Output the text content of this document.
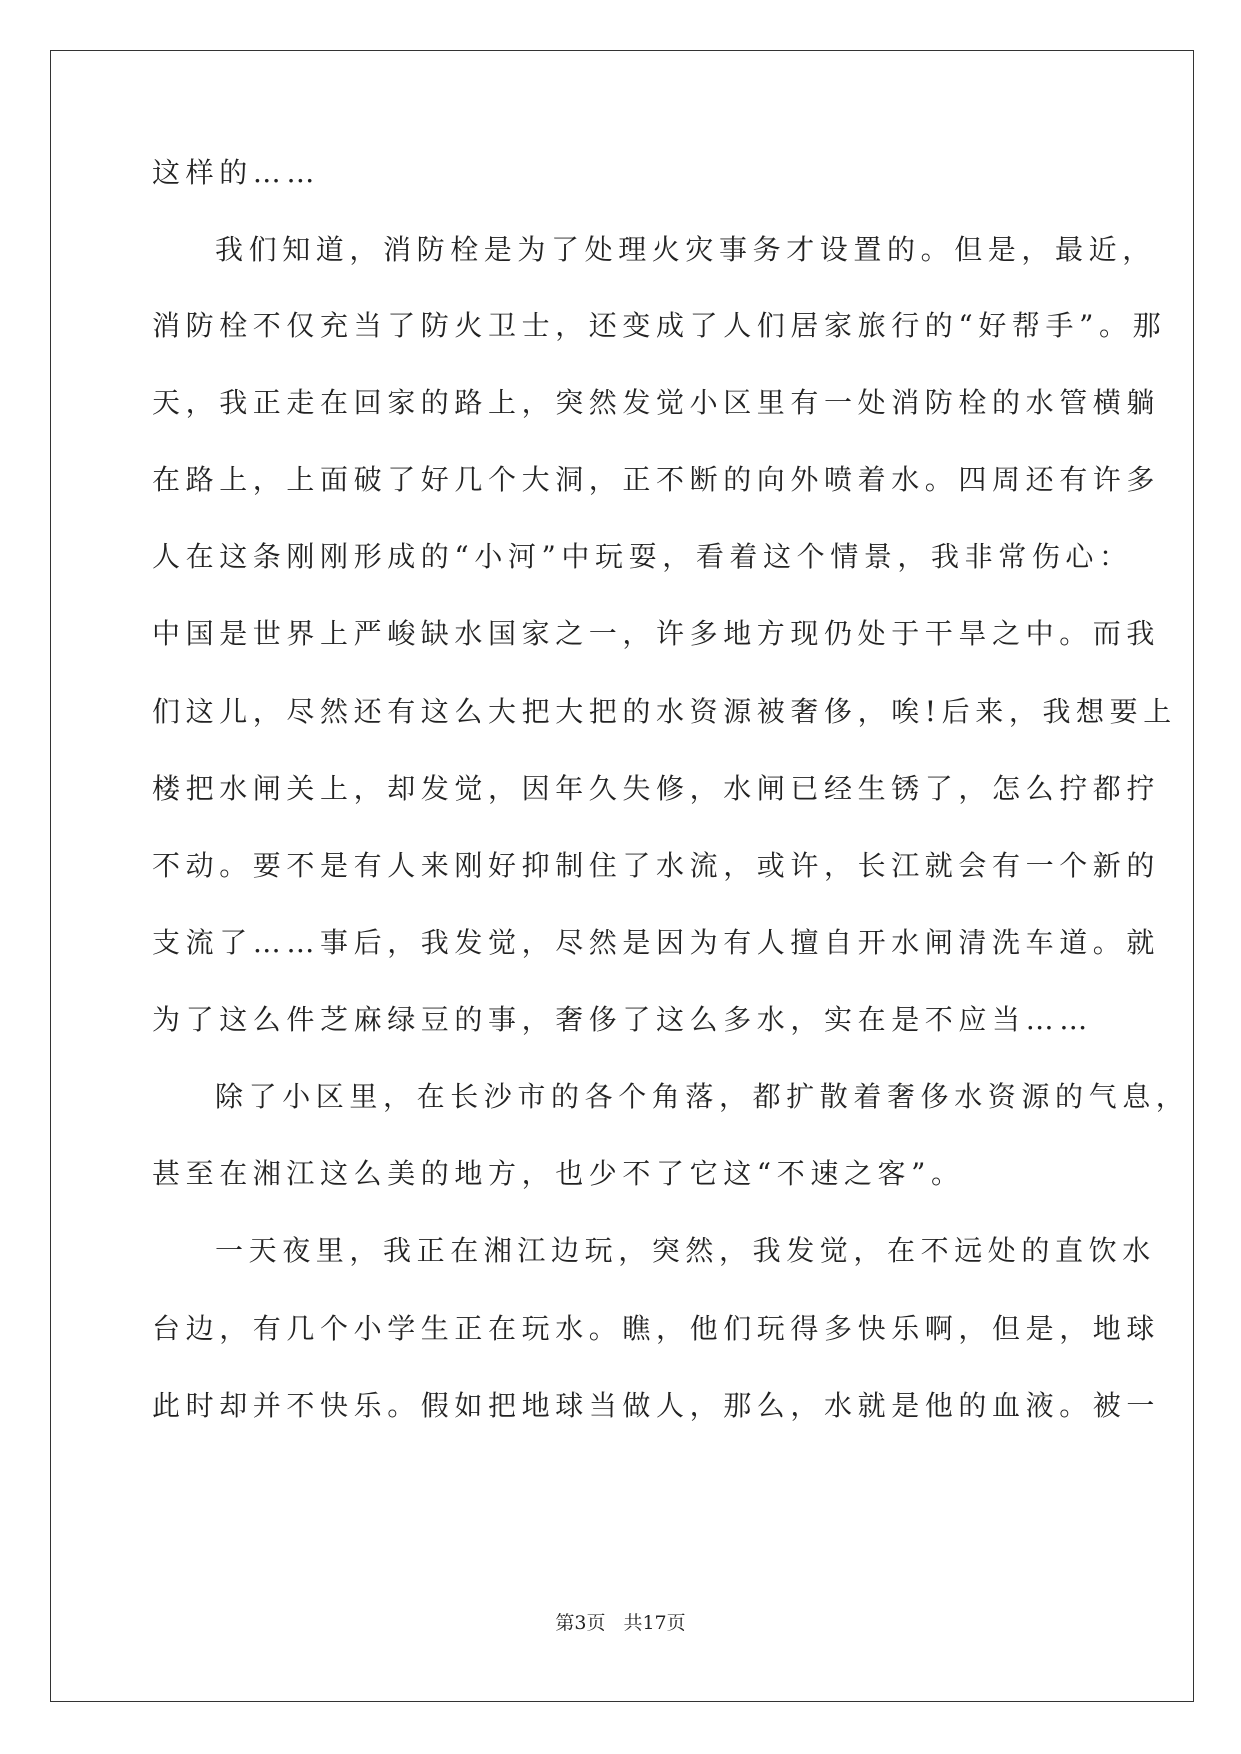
这样的……

我们知道，消防栓是为了处理火灾事务才设置的。但是，最近，

消防栓不仅充当了防火卫士，还变成了人们居家旅行的“好帮手”。那

天，我正走在回家的路上，突然发觉小区里有一处消防栓的水管横躺

在路上，上面破了好几个大洞，正不断的向外喷着水。四周还有许多

人在这条刚刚形成的“小河”中玩耍，看着这个情景，我非常伤心：

中国是世界上严峻缺水国家之一，许多地方现仍处于干旱之中。而我

们这儿，尽然还有这么大把大把的水资源被奢侈，唉!后来，我想要上

楼把水闸关上，却发觉，因年久失修，水闸已经生锈了，怎么拧都拧

不动。要不是有人来刚好抑制住了水流，或许，长江就会有一个新的

支流了……事后，我发觉，尽然是因为有人擅自开水闸清洗车道。就

为了这么件芝麻绿豆的事，奢侈了这么多水，实在是不应当……

除了小区里，在长沙市的各个角落，都扩散着奢侈水资源的气息，

甚至在湘江这么美的地方，也少不了它这“不速之客”。

一天夜里，我正在湘江边玩，突然，我发觉，在不远处的直饮水

台边，有几个小学生正在玩水。瞧，他们玩得多快乐啊，但是，地球

此时却并不快乐。假如把地球当做人，那么，水就是他的血液。被一

第3页 共17页
